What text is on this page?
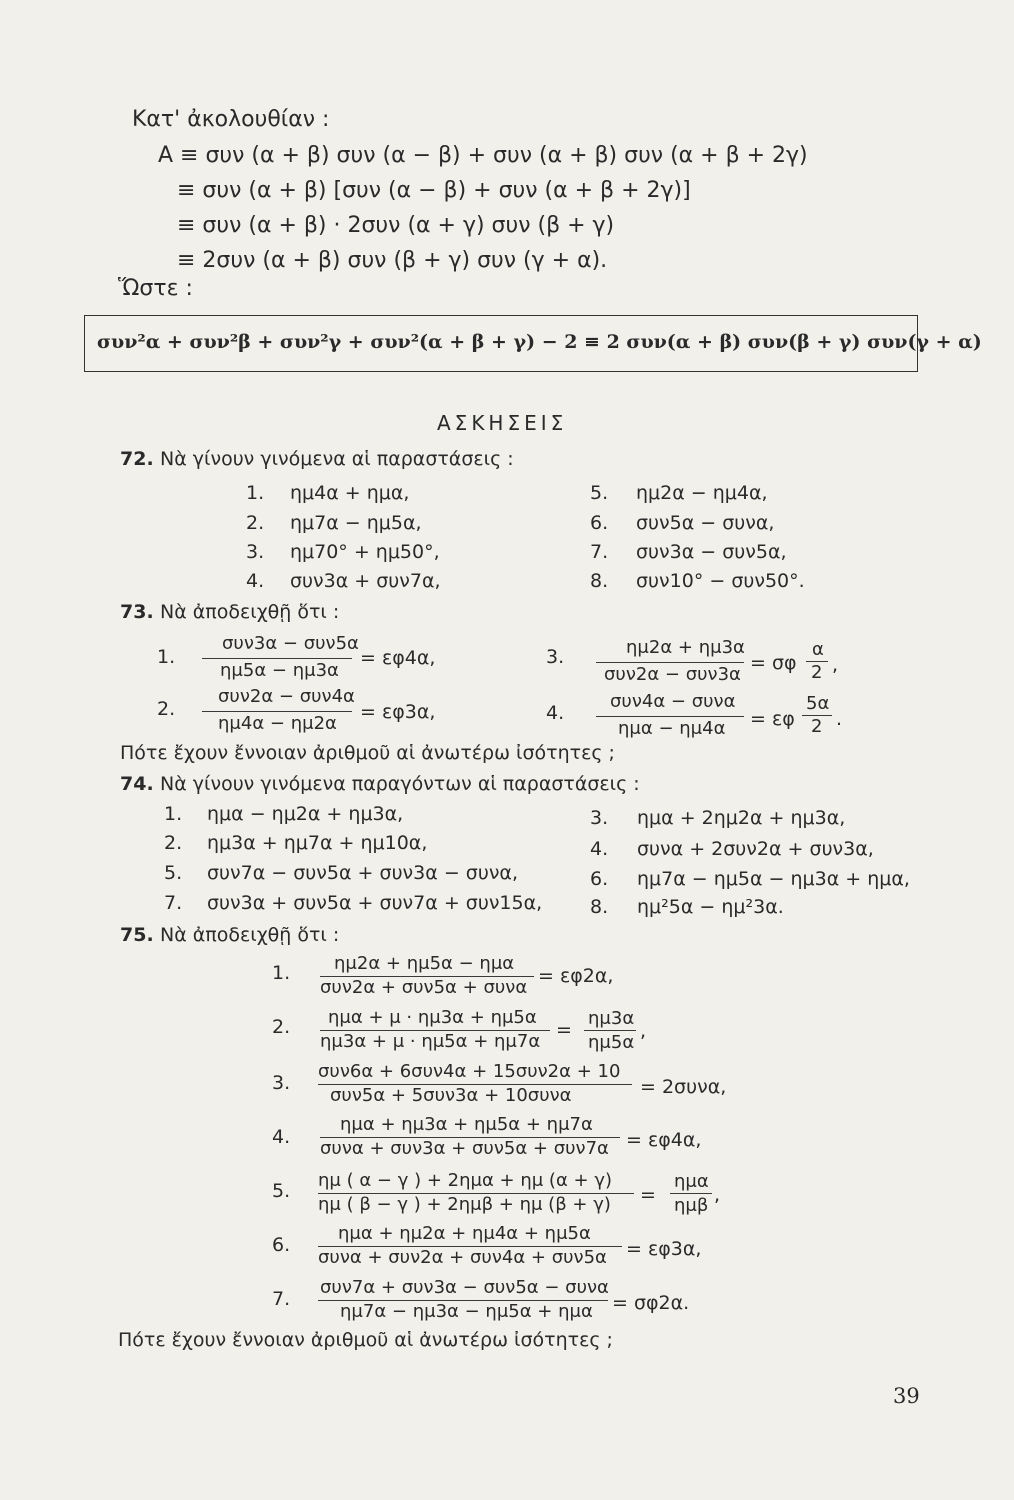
Κατ' ἀκολουθίαν :
A ≡ συν (α + β) συν (α − β) + συν (α + β) συν (α + β + 2γ)
≡ συν (α + β) [συν (α − β) + συν (α + β + 2γ)]
≡ συν (α + β) · 2συν (α + γ) συν (β + γ)
≡ 2συν (α + β) συν (β + γ) συν (γ + α).
Ὥστε :
συν²α + συν²β + συν²γ + συν²(α + β + γ) − 2 ≡ 2 συν(α + β) συν(β + γ) συν(γ + α)
ΑΣΚΗΣΕΙΣ
72. Νὰ γίνουν γινόμενα αἱ παραστάσεις :
1. ημ4α + ημα,
2. ημ7α − ημ5α,
3. ημ70° + ημ50°,
4. συν3α + συν7α,
5. ημ2α − ημ4α,
6. συν5α − συνα,
7. συν3α − συν5α,
8. συν10° − συν50°.
73. Νὰ ἀποδειχθῇ ὅτι :
1.
συν3α − συν5α
ημ5α − ημ3α
= εφ4α,	3.	ημ2α + ημ3α
συν2α − συν3α
= σφ
α
2 ,
2.
συν2α − συν4α
ημ4α − ημ2α
= εφ3α,	4.
συν4α − συνα
ημα − ημ4α = εφ
5α
2 .
Πότε ἔχουν ἔννοιαν ἀριθμοῦ αἱ ἀνωτέρω ἰσότητες ;
74. Νὰ γίνουν γινόμενα παραγόντων αἱ παραστάσεις :
1. ημα − ημ2α + ημ3α,
2. ημ3α + ημ7α + ημ10α,
5. συν7α − συν5α + συν3α − συνα,
7. συν3α + συν5α + συν7α + συν15α,
3. ημα + 2ημ2α + ημ3α,
4. συνα + 2συν2α + συν3α,
6. ημ7α − ημ5α − ημ3α + ημα,
8. ημ²5α − ημ²3α.
75. Νὰ ἀποδειχθῇ ὅτι :
1. ημ2α + ημ5α − ημα
συν2α + συν5α + συνα
= εφ2α,
2. ημα + μ · ημ3α + ημ5α
ημ3α + μ · ημ5α + ημ7α
=
ημ3α
ημ5α
,
3.
συν6α + 6συν4α + 15συν2α + 10
συν5α + 5συν3α + 10συνα	= 2συνα,
4.
ημα + ημ3α + ημ5α + ημ7α
συνα + συν3α + συν5α + συν7α = εφ4α,
5. ημ ( α − γ ) + 2ημα + ημ (α + γ)
ημ ( β − γ ) + 2ημβ + ημ (β + γ) =
ημα
ημβ ,
6.
ημα + ημ2α + ημ4α + ημ5α
συνα + συν2α + συν4α + συν5α = εφ3α,
7.
συν7α + συν3α − συν5α − συνα
ημ7α − ημ3α − ημ5α + ημα = σφ2α.
Πότε ἔχουν ἔννοιαν ἀριθμοῦ αἱ ἀνωτέρω ἰσότητες ;
39
